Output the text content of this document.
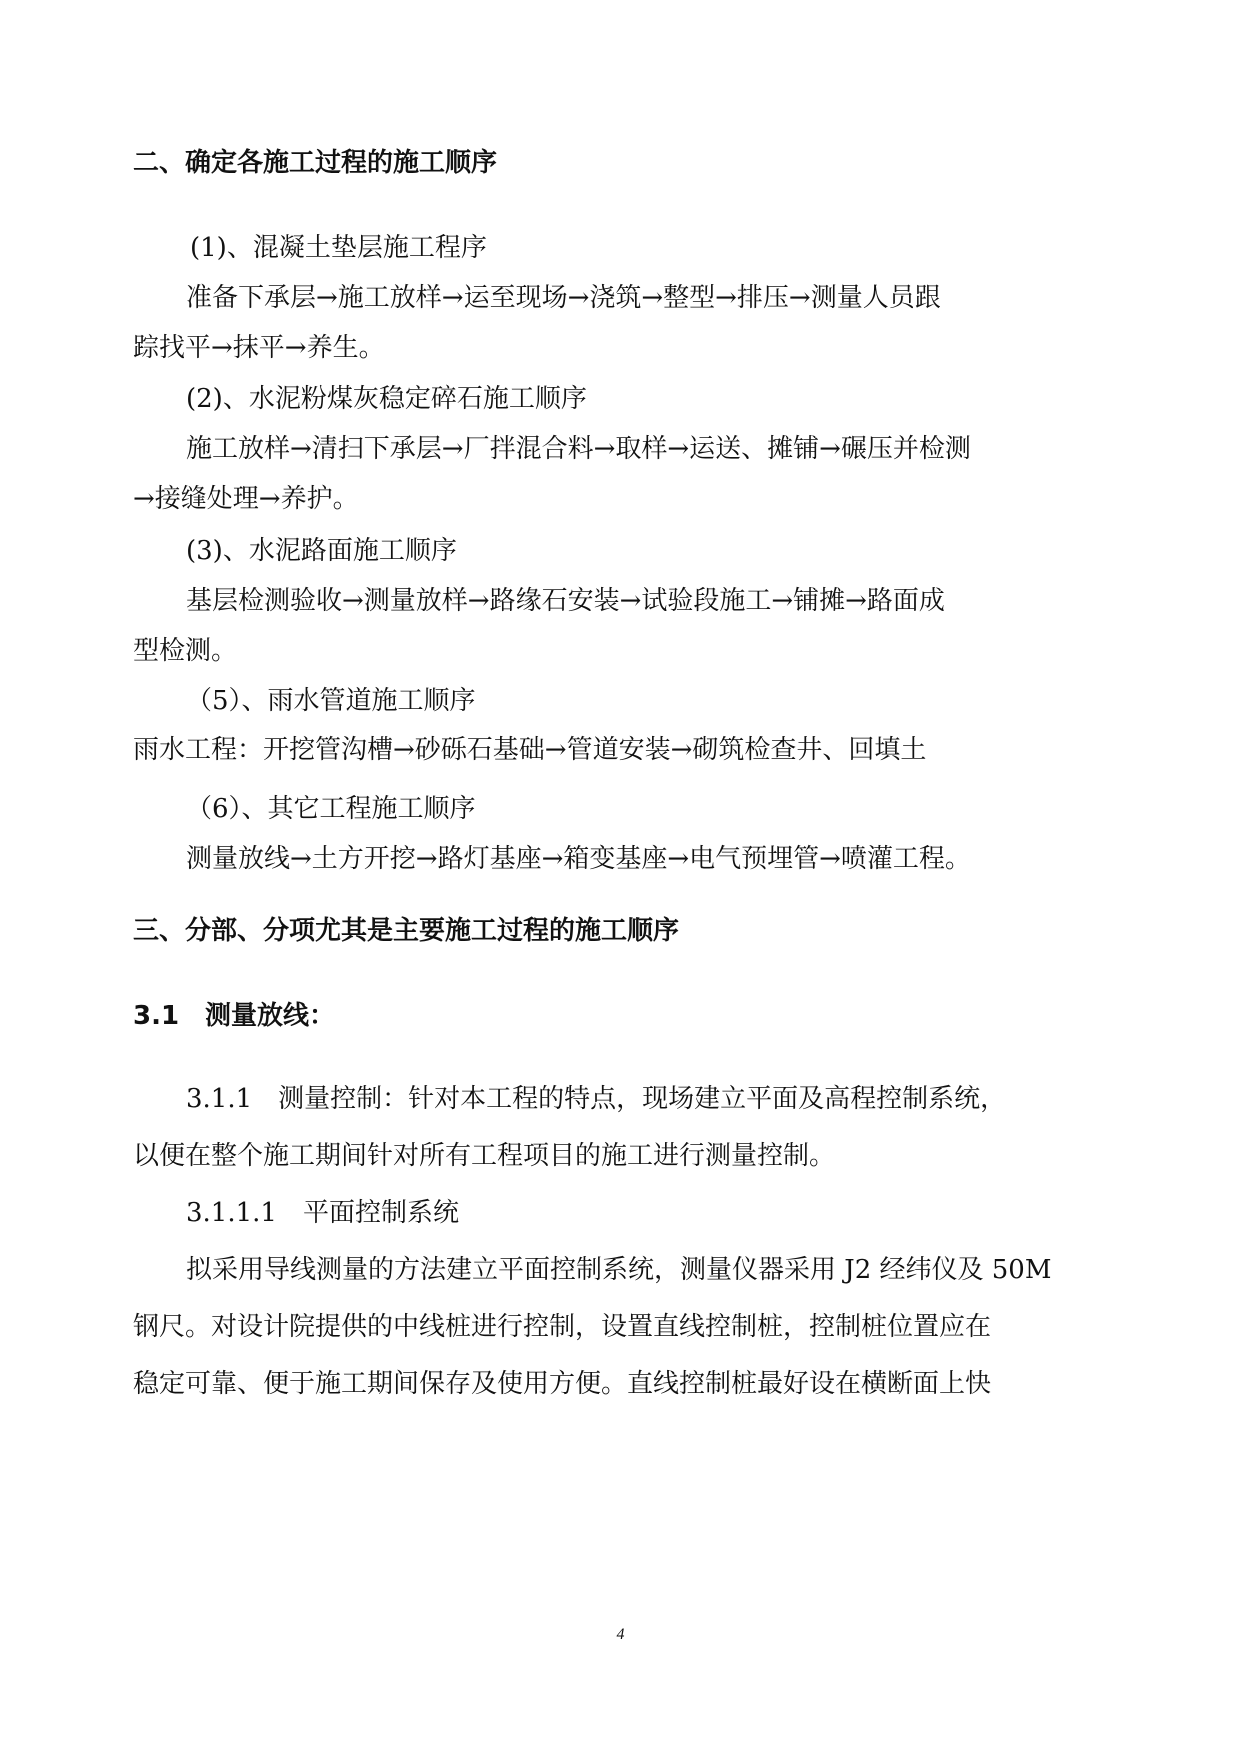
二、确定各施工过程的施工顺序
(1)、混凝土垫层施工程序
准备下承层→施工放样→运至现场→浇筑→整型→排压→测量人员跟
踪找平→抹平→养生。
(2)、水泥粉煤灰稳定碎石施工顺序
施工放样→清扫下承层→厂拌混合料→取样→运送、摊铺→碾压并检测
→接缝处理→养护。
(3)、水泥路面施工顺序
基层检测验收→测量放样→路缘石安装→试验段施工→铺摊→路面成
型检测。
（5）、雨水管道施工顺序
雨水工程：开挖管沟槽→砂砾石基础→管道安装→砌筑检查井、回填土
（6）、其它工程施工顺序
测量放线→土方开挖→路灯基座→箱变基座→电气预埋管→喷灌工程。
三、分部、分项尤其是主要施工过程的施工顺序
3.1　测量放线：
3.1.1　测量控制：针对本工程的特点，现场建立平面及高程控制系统，
以便在整个施工期间针对所有工程项目的施工进行测量控制。
3.1.1.1　平面控制系统
拟采用导线测量的方法建立平面控制系统，测量仪器采用 J2 经纬仪及 50M
钢尺。对设计院提供的中线桩进行控制，设置直线控制桩，控制桩位置应在
稳定可靠、便于施工期间保存及使用方便。直线控制桩最好设在横断面上快
4
